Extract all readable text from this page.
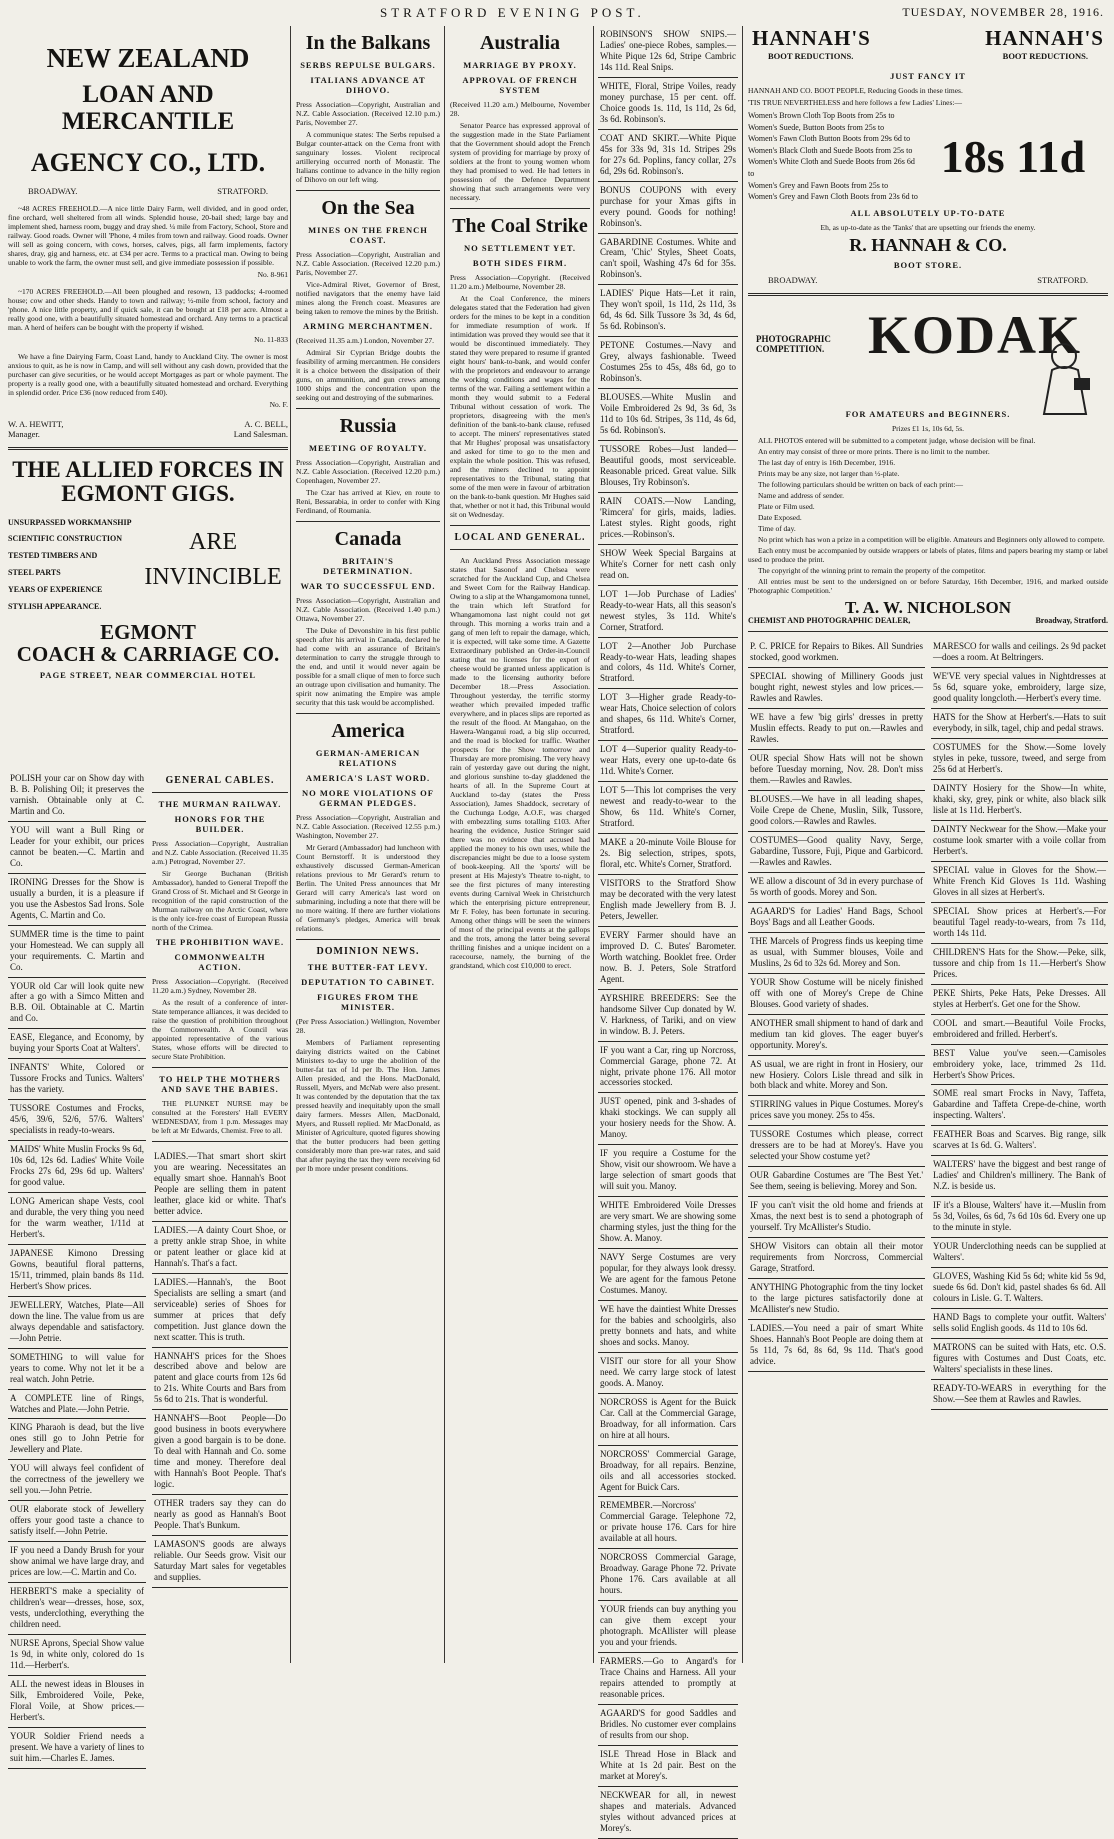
STRATFORD EVENING POST.	TUESDAY, NOVEMBER 28, 1916.
NEW ZEALAND
LOAN AND MERCANTILE
AGENCY CO., LTD.
BROADWAY.	STRATFORD.

~48 ACRES FREEHOLD.—A nice little Dairy Farm, well divided, and in good order, fine orchard, well sheltered from all winds. Splendid house, 20-bail shed; large bay and implement shed, harness room, buggy and dray shed. ¼ mile from Factory, School, Store and railway. Good roads. Owner will 'Phone, 4 miles from town and railway. Good roads. Owner will sell as going concern, with cows, horses, calves, pigs, all farm implements, factory shares, dray, gig and harness, etc. at £34 per acre. Terms to a practical man. Owing to being unable to work the farm, the owner must sell, and give immediate possession if possible.

No. 8-961

~170 ACRES FREEHOLD.—All been ploughed and resown, 13 paddocks; 4-roomed house; cow and other sheds. Handy to town and railway; ½-mile from school, factory and 'phone. A nice little property, and if quick sale, it can be bought at £18 per acre. Almost a really good one, with a beautifully situated homestead and orchard. Any terms to a practical man. A herd of heifers can be bought with the property if wished.

No. 11-833

We have a fine Dairying Farm, Coast Land, handy to Auckland City. The owner is most anxious to quit, as he is now in Camp, and will sell without any cash down, provided that the purchaser can give securities, or he would accept Mortgages as part or whole payment. The property is a really good one, with a beautifully situated homestead and orchard. Everything in splendid order. Price £36 (now reduced from £40).

No. F.
W. A. HEWITT,	A. C. BELL,
Manager.	Land Salesman.
THE ALLIED FORCES IN
EGMONT GIGS.
UNSURPASSED WORKMANSHIP
SCIENTIFIC CONSTRUCTION
TESTED TIMBERS AND
STEEL PARTS
YEARS OF EXPERIENCE
STYLISH APPEARANCE.
ARE
INVINCIBLE
EGMONT
COACH & CARRIAGE CO.
PAGE STREET, NEAR COMMERCIAL HOTEL
POLISH your car on Show day with B. B. Polishing Oil; it preserves the varnish. Obtainable only at C. Martin and Co.
YOU will want a Bull Ring or Leader for your exhibit, our prices cannot be beaten.—C. Martin and Co.
IRONING Dresses for the Show is usually a burden, it is a pleasure if you use the Asbestos Sad Irons. Sole Agents, C. Martin and Co.
SUMMER time is the time to paint your Homestead. We can supply all your requirements. C. Martin and Co.
YOUR old Car will look quite new after a go with a Simco Mitten and B.B. Oil. Obtainable at C. Martin and Co.
EASE, Elegance, and Economy, by buying your Sports Coat at Walters'.
INFANTS' White, Colored or Tussore Frocks and Tunics. Walters' has the variety.
TUSSORE Costumes and Frocks, 45/6, 39/6, 52/6, 57/6. Walters' specialists in ready-to-wears.
MAIDS' White Muslin Frocks 9s 6d, 10s 6d, 12s 6d. Ladies' White Voile Frocks 27s 6d, 29s 6d up. Walters' for good value.
LONG American shape Vests, cool and durable, the very thing you need for the warm weather, 1/11d at Herbert's.
JAPANESE Kimono Dressing Gowns, beautiful floral patterns, 15/11, trimmed, plain bands 8s 11d. Herbert's Show prices.
JEWELLERY, Watches, Plate—All down the line. The value from us are always dependable and satisfactory.—John Petrie.
SOMETHING to will value for years to come. Why not let it be a real watch. John Petrie.
A COMPLETE line of Rings, Watches and Plate.—John Petrie.
KING Pharaoh is dead, but the live ones still go to John Petrie for Jewellery and Plate.
YOU will always feel confident of the correctness of the jewellery we sell you.—John Petrie.
OUR elaborate stock of Jewellery offers your good taste a chance to satisfy itself.—John Petrie.
IF you need a Dandy Brush for your show animal we have large dray, and prices are low.—C. Martin and Co.
HERBERT'S make a speciality of children's wear—dresses, hose, sox, vests, underclothing, everything the children need.
NURSE Aprons, Special Show value 1s 9d, in white only, colored do 1s 11d.—Herbert's.
ALL the newest ideas in Blouses in Silk, Embroidered Voile, Peke, Floral Voile, at Show prices.—Herbert's.
YOUR Soldier Friend needs a present. We have a variety of lines to suit him.—Charles E. James.
GENERAL CABLES.
THE MURMAN RAILWAY.
HONORS FOR THE BUILDER.

Press Association—Copyright, Australian and N.Z. Cable Association. (Received 11.35 a.m.) Petrograd, November 27.

Sir George Buchanan (British Ambassador), handed to General Trepoff the Grand Cross of St. Michael and St George in recognition of the rapid construction of the Murman railway on the Arctic Coast, where is the only ice-free coast of European Russia north of the Crimea.

THE PROHIBITION WAVE.
COMMONWEALTH ACTION.

Press Association—Copyright. (Received 11.20 a.m.) Sydney, November 28.

As the result of a conference of inter-State temperance alliances, it was decided to raise the question of prohibition throughout the Commonwealth. A Council was appointed representative of the various States, whose efforts will be directed to secure State Prohibition.

TO HELP THE MOTHERS AND SAVE THE BABIES.

THE PLUNKET NURSE may be consulted at the Foresters' Hall EVERY WEDNESDAY, from 1 p.m. Messages may be left at Mr Edwards, Chemist. Free to all.

LADIES.—That smart short skirt you are wearing. Necessitates an equally smart shoe. Hannah's Boot People are selling them in patent leather, glace kid or white. That's better advice.
LADIES.—A dainty Court Shoe, or a pretty ankle strap Shoe, in white or patent leather or glace kid at Hannah's. That's a fact.
LADIES.—Hannah's, the Boot Specialists are selling a smart (and serviceable) series of Shoes for summer at prices that defy competition. Just glance down the next scatter. This is truth.
HANNAH'S prices for the Shoes described above and below are patent and glace courts from 12s 6d to 21s. White Courts and Bars from 5s 6d to 21s. That is wonderful.
HANNAH'S—Boot People—Do good business in boots everywhere given a good bargain is to be done. To deal with Hannah and Co. some time and money. Therefore deal with Hannah's Boot People. That's logic.
OTHER traders say they can do nearly as good as Hannah's Boot People. That's Bunkum.
LAMASON'S goods are always reliable. Our Seeds grow. Visit our Saturday Mart sales for vegetables and supplies.
In the Balkans
SERBS REPULSE BULGARS.
ITALIANS ADVANCE AT DIHOVO.

Press Association—Copyright, Australian and N.Z. Cable Association. (Received 12.10 p.m.) Paris, November 27.

A communique states: The Serbs repulsed a Bulgar counter-attack on the Cerna front with sanguinary losses. Violent reciprocal artillerying occurred north of Monastir. The Italians continue to advance in the hilly region of Dihovo on our left wing.

On the Sea
MINES ON THE FRENCH COAST.

Press Association—Copyright, Australian and N.Z. Cable Association. (Received 12.20 p.m.) Paris, November 27.

Vice-Admiral Rivet, Governor of Brest, notified navigators that the enemy have laid mines along the French coast. Measures are being taken to remove the mines by the British.

ARMING MERCHANTMEN.

(Received 11.35 a.m.) London, November 27.

Admiral Sir Cyprian Bridge doubts the feasibility of arming mercantmen. He considers it is a choice between the dissipation of their guns, on ammunition, and gun crews among 1000 ships and the concentration upon the seeking out and destroying of the submarines.

Russia
MEETING OF ROYALTY.

Press Association—Copyright, Australian and N.Z. Cable Association. (Received 12.20 p.m.) Copenhagen, November 27.

The Czar has arrived at Kiev, en route to Reni, Bessarabia, in order to confer with King Ferdinand, of Roumania.

Canada
BRITAIN'S DETERMINATION.
WAR TO SUCCESSFUL END.

Press Association—Copyright, Australian and N.Z. Cable Association. (Received 1.40 p.m.) Ottawa, November 27.

The Duke of Devonshire in his first public speech after his arrival in Canada, declared he had come with an assurance of Britain's determination to carry the struggle through to the end, and until it would never again be possible for a small clique of men to force such an outrage upon civilisation and humanity. The spirit now animating the Empire was ample security that this task would be accomplished.

America
GERMAN-AMERICAN RELATIONS
AMERICA'S LAST WORD.
NO MORE VIOLATIONS OF GERMAN PLEDGES.

Press Association—Copyright, Australian and N.Z. Cable Association. (Received 12.55 p.m.) Washington, November 27.

Mr Gerard (Ambassador) had luncheon with Count Bernstorff. It is understood they exhaustively discussed German-American relations previous to Mr Gerard's return to Berlin. The United Press announces that Mr Gerard will carry America's last word on submarining, including a note that there will be no more waiting. If there are further violations of Germany's pledges, America will break relations.

DOMINION NEWS.
THE BUTTER-FAT LEVY.
DEPUTATION TO CABINET.
FIGURES FROM THE MINISTER.

(Per Press Association.) Wellington, November 28.

Members of Parliament representing dairying districts waited on the Cabinet Ministers to-day to urge the abolition of the butter-fat tax of 1d per lb. The Hon. James Allen presided, and the Hons. MacDonald, Russell, Myers, and McNab were also present. It was contended by the deputation that the tax pressed heavily and inequitably upon the small dairy farmers. Messrs Allen, MacDonald, Myers, and Russell replied. Mr MacDonald, as Minister of Agriculture, quoted figures showing that the butter producers had been getting considerably more than pre-war rates, and said that after paying the tax they were receiving 6d per lb more under present conditions.

Australia
MARRIAGE BY PROXY.
APPROVAL OF FRENCH SYSTEM

(Received 11.20 a.m.) Melbourne, November 28.

Senator Pearce has expressed approval of the suggestion made in the State Parliament that the Government should adopt the French system of providing for marriage by proxy of soldiers at the front to young women whom they had promised to wed. He had letters in possession of the Defence Department showing that such arrangements were very necessary.

The Coal Strike
NO SETTLEMENT YET.
BOTH SIDES FIRM.

Press Association—Copyright. (Received 11.20 a.m.) Melbourne, November 28.

At the Coal Conference, the miners delegates stated that the Federation had given orders for the mines to be kept in a condition for immediate resumption of work. If intimidation was proved they would see that it would be discontinued immediately. They stated they were prepared to resume if granted eight hours' bank-to-bank, and would confer with the proprietors and endeavour to arrange the working conditions and wages for the terms of the war. Failing a settlement within a month they would submit to a Federal Tribunal without cessation of work. The proprietors, disagreeing with the men's definition of the bank-to-bank clause, refused to accept. The miners' representatives stated that Mr Hughes' proposal was unsatisfactory and asked for time to go to the men and explain the whole position. This was refused, and the miners declined to appoint representatives to the Tribunal, stating that some of the men were in favour of arbitration on the bank-to-bank question. Mr Hughes said that, whether or not it had, this Tribunal would sit on Wednesday.

LOCAL AND GENERAL.

An Auckland Press Association message states that Sasonof and Chelsea were scratched for the Auckland Cup, and Chelsea and Sweet Corn for the Railway Handicap. Owing to a slip at the Whangamomona tunnel, the train which left Stratford for Whangamomona last night could not get through. This morning a works train and a gang of men left to repair the damage, which, it is expected, will take some time. A Gazette Extraordinary published an Order-in-Council stating that no licenses for the export of cheese would be granted unless application is made to the licensing authority before December 18.—Press Association. Throughout yesterday, the terrific stormy weather which prevailed impeded traffic everywhere, and in places slips are reported as the result of the flood. At Mangahao, on the Hawera-Wanganui road, a big slip occurred, and the road is blocked for traffic. Weather prospects for the Show tomorrow and Thursday are more promising. The very heavy rain of yesterday gave out during the night, and glorious sunshine to-day gladdened the hearts of all. In the Supreme Court at Auckland to-day (states the Press Association), James Shaddock, secretary of the Cuchunga Lodge, A.O.F., was charged with embezzling sums totalling £103. After hearing the evidence, Justice Stringer said there was no evidence that accused had applied the money to his own uses, while the discrepancies might be due to a loose system of book-keeping. All the 'sports' will be present at His Majesty's Theatre to-night, to see the first pictures of many interesting events during Carnival Week in Christchurch which the enterprising picture entrepreneur, Mr F. Foley, has been fortunate in securing. Among other things will be seen the winners of most of the principal events at the gallops and the trots, among the latter being several thrilling finishes and a unique incident on a racecourse, namely, the burning of the grandstand, which cost £10,000 to erect.

ROBINSON'S SHOW SNIPS.—Ladies' one-piece Robes, samples.—White Pique 12s 6d, Stripe Cambric 14s 11d. Real Snips.
WHITE, Floral, Stripe Voiles, ready money purchase, 15 per cent. off. Choice goods 1s. 11d, 1s 11d, 2s 6d, 3s 6d. Robinson's.
COAT AND SKIRT.—White Pique 45s for 33s 9d, 31s 1d. Stripes 29s for 27s 6d. Poplins, fancy collar, 27s 6d, 29s 6d. Robinson's.
BONUS COUPONS with every purchase for your Xmas gifts in every pound. Goods for nothing! Robinson's.
GABARDINE Costumes. White and Cream, 'Chic' Styles, Sheet Coats, can't spoil, Washing 47s 6d for 35s. Robinson's.
LADIES' Pique Hats—Let it rain, They won't spoil, 1s 11d, 2s 11d, 3s 6d, 4s 6d. Silk Tussore 3s 3d, 4s 6d, 5s 6d. Robinson's.
PETONE Costumes.—Navy and Grey, always fashionable. Tweed Costumes 25s to 45s, 48s 6d, go to Robinson's.
BLOUSES.—White Muslin and Voile Embroidered 2s 9d, 3s 6d, 3s 11d to 10s 6d. Stripes, 3s 11d, 4s 6d, 5s 6d. Robinson's.
TUSSORE Robes—Just landed—Beautiful goods, most serviceable. Reasonable priced. Great value. Silk Blouses, Try Robinson's.
RAIN COATS.—Now Landing, 'Rimcera' for girls, maids, ladies. Latest styles. Right goods, right prices.—Robinson's.
SHOW Week Special Bargains at White's Corner for nett cash only read on.
LOT 1—Job Purchase of Ladies' Ready-to-wear Hats, all this season's newest styles, 3s 11d. White's Corner, Stratford.
LOT 2—Another Job Purchase Ready-to-wear Hats, leading shapes and colors, 4s 11d. White's Corner, Stratford.
LOT 3—Higher grade Ready-to-wear Hats, Choice selection of colors and shapes, 6s 11d. White's Corner, Stratford.
LOT 4—Superior quality Ready-to-wear Hats, every one up-to-date 6s 11d. White's Corner.
LOT 5—This lot comprises the very newest and ready-to-wear to the Show, 6s 11d. White's Corner, Stratford.
MAKE a 20-minute Voile Blouse for 2s. Big selection, stripes, spots, floral, etc. White's Corner, Stratford.
VISITORS to the Stratford Show may be decorated with the very latest English made Jewellery from B. J. Peters, Jeweller.
EVERY Farmer should have an improved D. C. Butes' Barometer. Worth watching. Booklet free. Order now. B. J. Peters, Sole Stratford Agent.
AYRSHIRE BREEDERS: See the handsome Silver Cup donated by W. V. Harkness, of Tariki, and on view in window. B. J. Peters.
IF you want a Car, ring up Norcross, Commercial Garage, phone 72. At night, private phone 176. All motor accessories stocked.
JUST opened, pink and 3-shades of khaki stockings. We can supply all your hosiery needs for the Show. A. Manoy.
IF you require a Costume for the Show, visit our showroom. We have a large selection of smart goods that will suit you. Manoy.
WHITE Embroidered Voile Dresses are very smart. We are showing some charming styles, just the thing for the Show. A. Manoy.
NAVY Serge Costumes are very popular, for they always look dressy. We are agent for the famous Petone Costumes. Manoy.
WE have the daintiest White Dresses for the babies and schoolgirls, also pretty bonnets and hats, and white shoes and socks. Manoy.
VISIT our store for all your Show need. We carry large stock of latest goods. A. Manoy.
NORCROSS is Agent for the Buick Car. Call at the Commercial Garage, Broadway, for all information. Cars on hire at all hours.
NORCROSS' Commercial Garage, Broadway, for all repairs. Benzine, oils and all accessories stocked. Agent for Buick Cars.
REMEMBER.—Norcross' Commercial Garage. Telephone 72, or private house 176. Cars for hire available at all hours.
NORCROSS Commercial Garage, Broadway. Garage Phone 72. Private Phone 176. Cars available at all hours.
YOUR friends can buy anything you can give them except your photograph. McAllister will please you and your friends.
FARMERS.—Go to Angard's for Trace Chains and Harness. All your repairs attended to promptly at reasonable prices.
AGAARD'S for good Saddles and Bridles. No customer ever complains of results from our shop.
ISLE Thread Hose in Black and White at 1s 2d pair. Best on the market at Morey's.
NECKWEAR for all, in newest shapes and materials. Advanced styles without advanced prices at Morey's.
HANNAH'S	HANNAH'S
BOOT REDUCTIONS.	BOOT REDUCTIONS.
JUST FANCY IT

HANNAH AND CO. BOOT PEOPLE, Reducing Goods in these times.

'TIS TRUE NEVERTHELESS and here follows a few Ladies' Lines:—

Women's Brown Cloth Top Boots from 25s to
Women's Suede, Button Boots from 25s to
Women's Fawn Cloth Button Boots from 29s 6d to
Women's Black Cloth and Suede Boots from 25s to
Women's White Cloth and Suede Boots from 26s 6d to
Women's Grey and Fawn Boots from 25s to
Women's Grey and Fawn Cloth Boots from 23s 6d to
18s 11d
ALL ABSOLUTELY UP-TO-DATE

Eh, as up-to-date as the 'Tanks' that are upsetting our friends the enemy.

R. HANNAH & CO.
BOOT STORE.
BROADWAY.	STRATFORD.
PHOTOGRAPHIC COMPETITION. KODAK
FOR AMATEURS and BEGINNERS.
Prizes £1 1s, 10s 6d, 5s.

ALL PHOTOS entered will be submitted to a competent judge, whose decision will be final.

An entry may consist of three or more prints. There is no limit to the number.

The last day of entry is 16th December, 1916.

Prints may be any size, not larger than ½-plate.

The following particulars should be written on back of each print:—

Name and address of sender.

Plate or Film used.

Date Exposed.

Time of day.

No print which has won a prize in a competition will be eligible. Amateurs and Beginners only allowed to compete.

Each entry must be accompanied by outside wrappers or labels of plates, films and papers bearing my stamp or label used to produce the print.

The copyright of the winning print to remain the property of the competitor.

All entries must be sent to the undersigned on or before Saturday, 16th December, 1916, and marked outside 'Photographic Competition.'

T. A. W. NICHOLSON
CHEMIST AND PHOTOGRAPHIC DEALER,	Broadway, Stratford.
P. C. PRICE for Repairs to Bikes. All Sundries stocked, good workmen.
SPECIAL showing of Millinery Goods just bought right, newest styles and low prices.—Rawles and Rawles.
WE have a few 'big girls' dresses in pretty Muslin effects. Ready to put on.—Rawles and Rawles.
OUR special Show Hats will not be shown before Tuesday morning, Nov. 28. Don't miss them.—Rawles and Rawles.
BLOUSES.—We have in all leading shapes, Voile Crepe de Chene, Muslin, Silk, Tussore, good colors.—Rawles and Rawles.
COSTUMES—Good quality Navy, Serge, Gabardine, Tussore, Fuji, Pique and Garbicord.—Rawles and Rawles.
WE allow a discount of 3d in every purchase of 5s worth of goods. Morey and Son.
AGAARD'S for Ladies' Hand Bags, School Boys' Bags and all Leather Goods.
THE Marcels of Progress finds us keeping time as usual, with Summer blouses, Voile and Muslins, 2s 6d to 32s 6d. Morey and Son.
YOUR Show Costume will be nicely finished off with one of Morey's Crepe de Chine Blouses. Good variety of shades.
ANOTHER small shipment to hand of dark and medium tan kid gloves. The eager buyer's opportunity. Morey's.
AS usual, we are right in front in Hosiery, our new Hosiery. Colors Lisle thread and silk in both black and white. Morey and Son.
STIRRING values in Pique Costumes. Morey's prices save you money. 25s to 45s.
TUSSORE Costumes which please, correct dressers are to be had at Morey's. Have you selected your Show costume yet?
OUR Gabardine Costumes are 'The Best Yet.' See them, seeing is believing. Morey and Son.
IF you can't visit the old home and friends at Xmas, the next best is to send a photograph of yourself. Try McAllister's Studio.
SHOW Visitors can obtain all their motor requirements from Norcross, Commercial Garage, Stratford.
ANYTHING Photographic from the tiny locket to the large pictures satisfactorily done at McAllister's new Studio.
LADIES.—You need a pair of smart White Shoes. Hannah's Boot People are doing them at 5s 11d, 7s 6d, 8s 6d, 9s 11d. That's good advice.
MARESCO for walls and ceilings. 2s 9d packet—does a room. At Beltringers.
WE'VE very special values in Nightdresses at 5s 6d, square yoke, embroidery, large size, good quality longcloth.—Herbert's every time.
HATS for the Show at Herbert's.—Hats to suit everybody, in silk, tagel, chip and pedal straws.
COSTUMES for the Show.—Some lovely styles in peke, tussore, tweed, and serge from 25s 6d at Herbert's.
DAINTY Hosiery for the Show—In white, khaki, sky, grey, pink or white, also black silk lisle at 1s 11d. Herbert's.
DAINTY Neckwear for the Show.—Make your costume look smarter with a voile collar from Herbert's.
SPECIAL value in Gloves for the Show.—White French Kid Gloves 1s 11d. Washing Gloves in all sizes at Herbert's.
SPECIAL Show prices at Herbert's.—For beautiful Tagel ready-to-wears, from 7s 11d, worth 14s 11d.
CHILDREN'S Hats for the Show.—Peke, silk, tussore and chip from 1s 11.—Herbert's Show Prices.
PEKE Shirts, Peke Hats, Peke Dresses. All styles at Herbert's. Get one for the Show.
COOL and smart.—Beautiful Voile Frocks, embroidered and frilled. Herbert's.
BEST Value you've seen.—Camisoles embroidery yoke, lace, trimmed 2s 11d. Herbert's Show Prices.
SOME real smart Frocks in Navy, Taffeta, Gabardine and Taffeta Crepe-de-chine, worth inspecting. Walters'.
FEATHER Boas and Scarves. Big range, silk scarves at 1s 6d. G. Walters'.
WALTERS' have the biggest and best range of Ladies' and Children's millinery. The Bank of N.Z. is beside us.
IF it's a Blouse, Walters' have it.—Muslin from 5s 3d, Voiles, 6s 6d, 7s 6d 10s 6d. Every one up to the minute in style.
YOUR Underclothing needs can be supplied at Walters'.
GLOVES, Washing Kid 5s 6d; white kid 5s 9d, suede 6s 6d. Don't kid, pastel shades 6s 6d. All colours in Lisle. G. T. Walters.
HAND Bags to complete your outfit. Walters' sells solid English goods. 4s 11d to 10s 6d.
MATRONS can be suited with Hats, etc. O.S. figures with Costumes and Dust Coats, etc. Walters' specialists in these lines.
READY-TO-WEARS in everything for the Show.—See them at Rawles and Rawles.
